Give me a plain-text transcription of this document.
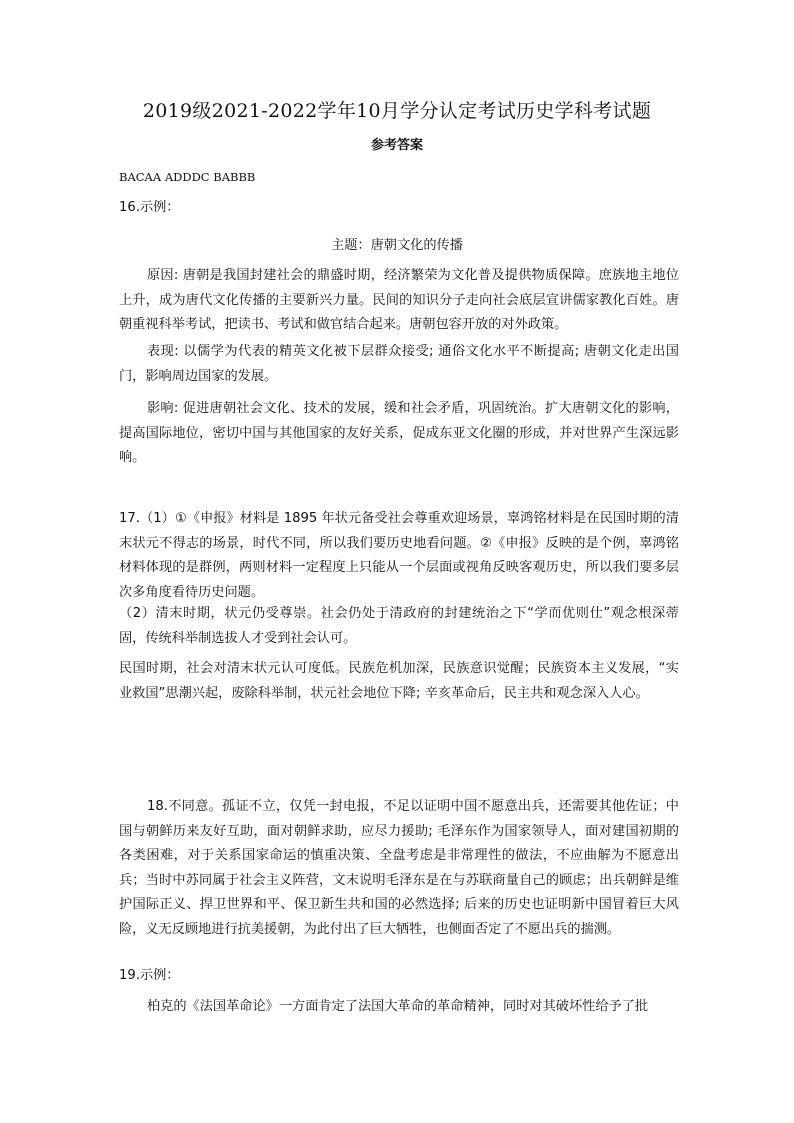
2019级2021-2022学年10月学分认定考试历史学科考试题
参考答案
BACAA ADDDC BABBB
16.示例：
主题：唐朝文化的传播
原因: 唐朝是我国封建社会的鼎盛时期，经济繁荣为文化普及提供物质保障。庶族地主地位上升，成为唐代文化传播的主要新兴力量。民间的知识分子走向社会底层宣讲儒家教化百姓。唐朝重视科举考试，把读书、考试和做官结合起来。唐朝包容开放的对外政策。
表现: 以儒学为代表的精英文化被下层群众接受; 通俗文化水平不断提高; 唐朝文化走出国门，影响周边国家的发展。
影响: 促进唐朝社会文化、技术的发展，缓和社会矛盾，巩固统治。扩大唐朝文化的影响，提高国际地位，密切中国与其他国家的友好关系，促成东亚文化圈的形成，并对世界产生深远影响。
17.（1）①《申报》材料是 1895 年状元备受社会尊重欢迎场景，辜鸿铭材料是在民国时期的清末状元不得志的场景，时代不同，所以我们要历史地看问题。②《申报》反映的是个例，辜鸿铭材料体现的是群例，两则材料一定程度上只能从一个层面或视角反映客观历史，所以我们要多层次多角度看待历史问题。
（2）清末时期，状元仍受尊崇。社会仍处于清政府的封建统治之下“学而优则仕”观念根深蒂固，传统科举制选拔人才受到社会认可。
民国时期，社会对清末状元认可度低。民族危机加深，民族意识觉醒；民族资本主义发展，“实业救国”思潮兴起，废除科举制，状元社会地位下降; 辛亥革命后，民主共和观念深入人心。
18.不同意。孤证不立，仅凭一封电报，不足以证明中国不愿意出兵，还需要其他佐证；中国与朝鲜历来友好互助，面对朝鲜求助，应尽力援助; 毛泽东作为国家领导人，面对建国初期的各类困难，对于关系国家命运的慎重决策、全盘考虑是非常理性的做法，不应曲解为不愿意出兵；当时中苏同属于社会主义阵营，文末说明毛泽东是在与苏联商量自己的顾虑；出兵朝鲜是维护国际正义、捍卫世界和平、保卫新生共和国的必然选择; 后来的历史也证明新中国冒着巨大风险，义无反顾地进行抗美援朝，为此付出了巨大牺牲，也侧面否定了不愿出兵的揣测。
19.示例：
柏克的《法国革命论》一方面肯定了法国大革命的革命精神，同时对其破坏性给予了批
